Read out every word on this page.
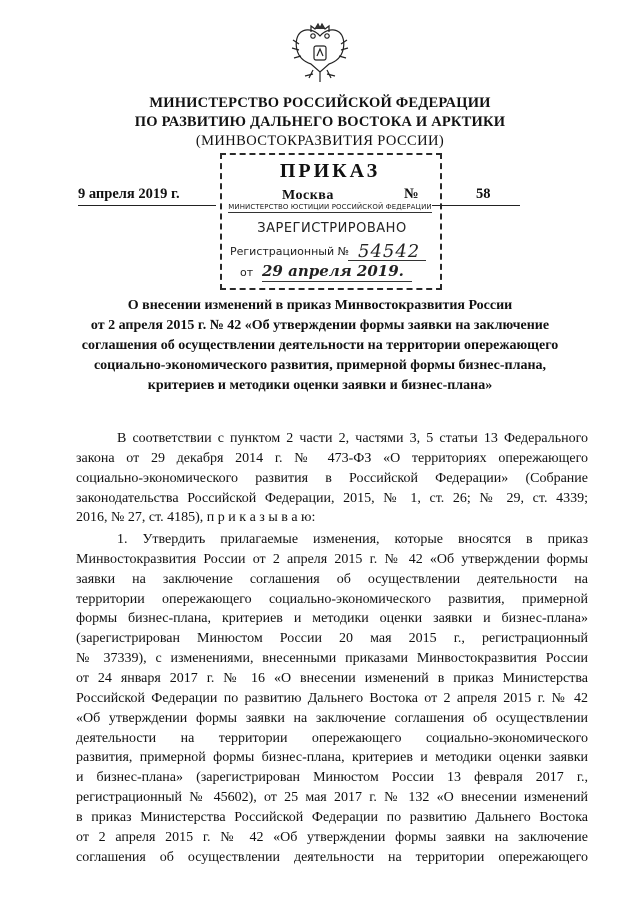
МИНИСТЕРСТВО РОССИЙСКОЙ ФЕДЕРАЦИИ
ПО РАЗВИТИЮ ДАЛЬНЕГО ВОСТОКА И АРКТИКИ
(МИНВОСТОКРАЗВИТИЯ РОССИИ)
ПРИКАЗ
Москва	№
9 апреля 2019 г.	58
МИНИСТЕРСТВО ЮСТИЦИИ РОССИЙСКОЙ ФЕДЕРАЦИИ
ЗАРЕГИСТРИРОВАНО
Регистрационный № 54542
от 29 апреля 2019.
О внесении изменений в приказ Минвостокразвития России
от 2 апреля 2015 г. № 42 «Об утверждении формы заявки на заключение
соглашения об осуществлении деятельности на территории опережающего
социально-экономического развития, примерной формы бизнес-плана,
критериев и методики оценки заявки и бизнес-плана»
В соответствии с пунктом 2 части 2, частями 3, 5 статьи 13 Федерального
закона от 29 декабря 2014 г. № 473-ФЗ «О территориях опережающего
социально-экономического развития в Российской Федерации» (Собрание
законодательства Российской Федерации, 2015, № 1, ст. 26; № 29, ст. 4339;
2016, № 27, ст. 4185), п р и к а з ы в а ю:
1. Утвердить прилагаемые изменения, которые вносятся в приказ
Минвостокразвития России от 2 апреля 2015 г. № 42 «Об утверждении формы
заявки на заключение соглашения об осуществлении деятельности на
территории опережающего социально-экономического развития, примерной
формы бизнес-плана, критериев и методики оценки заявки и бизнес-плана»
(зарегистрирован Минюстом России 20 мая 2015 г., регистрационный
№ 37339), с изменениями, внесенными приказами Минвостокразвития России
от 24 января 2017 г. № 16 «О внесении изменений в приказ Министерства
Российской Федерации по развитию Дальнего Востока от 2 апреля 2015 г. № 42
«Об утверждении формы заявки на заключение соглашения об осуществлении
деятельности на территории опережающего социально-экономического
развития, примерной формы бизнес-плана, критериев и методики оценки заявки
и бизнес-плана» (зарегистрирован Минюстом России 13 февраля 2017 г.,
регистрационный № 45602), от 25 мая 2017 г. № 132 «О внесении изменений
в приказ Министерства Российской Федерации по развитию Дальнего Востока
от 2 апреля 2015 г. № 42 «Об утверждении формы заявки на заключение
соглашения об осуществлении деятельности на территории опережающего
